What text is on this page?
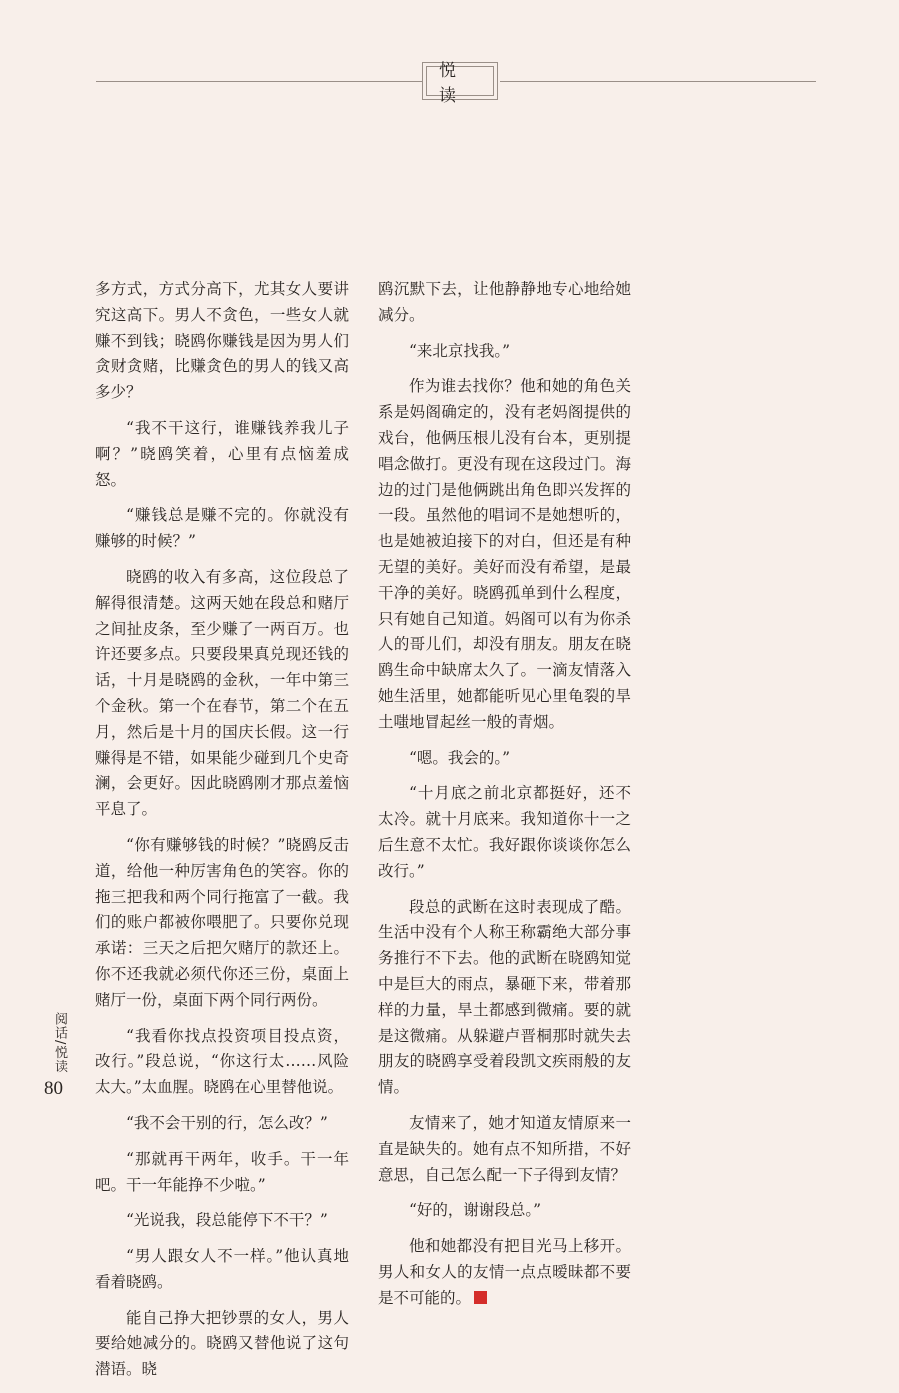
悦读

多方式，方式分高下，尤其女人要讲究这高下。男人不贪色，一些女人就赚不到钱；晓鸥你赚钱是因为男人们贪财贪赌，比赚贪色的男人的钱又高多少？

“我不干这行，谁赚钱养我儿子啊？”晓鸥笑着，心里有点恼羞成怒。

“赚钱总是赚不完的。你就没有赚够的时候？”

晓鸥的收入有多高，这位段总了解得很清楚。这两天她在段总和赌厅之间扯皮条，至少赚了一两百万。也许还要多点。只要段果真兑现还钱的话，十月是晓鸥的金秋，一年中第三个金秋。第一个在春节，第二个在五月，然后是十月的国庆长假。这一行赚得是不错，如果能少碰到几个史奇澜，会更好。因此晓鸥刚才那点羞恼平息了。

“你有赚够钱的时候？”晓鸥反击道，给他一种厉害角色的笑容。你的拖三把我和两个同行拖富了一截。我们的账户都被你喂肥了。只要你兑现承诺：三天之后把欠赌厅的款还上。你不还我就必须代你还三份，桌面上赌厅一份，桌面下两个同行两份。

“我看你找点投资项目投点资，改行。”段总说，“你这行太……风险太大。”太血腥。晓鸥在心里替他说。

“我不会干别的行，怎么改？”

“那就再干两年，收手。干一年吧。干一年能挣不少啦。”

“光说我，段总能停下不干？”

“男人跟女人不一样。”他认真地看着晓鸥。

能自己挣大把钞票的女人，男人要给她减分的。晓鸥又替他说了这句潜语。晓

鸥沉默下去，让他静静地专心地给她减分。

“来北京找我。”

作为谁去找你？他和她的角色关系是妈阁确定的，没有老妈阁提供的戏台，他俩压根儿没有台本，更别提唱念做打。更没有现在这段过门。海边的过门是他俩跳出角色即兴发挥的一段。虽然他的唱词不是她想听的，也是她被迫接下的对白，但还是有种无望的美好。美好而没有希望，是最干净的美好。晓鸥孤单到什么程度，只有她自己知道。妈阁可以有为你杀人的哥儿们，却没有朋友。朋友在晓鸥生命中缺席太久了。一滴友情落入她生活里，她都能听见心里龟裂的旱土嗤地冒起丝一般的青烟。

“嗯。我会的。”

“十月底之前北京都挺好，还不太冷。就十月底来。我知道你十一之后生意不太忙。我好跟你谈谈你怎么改行。”

段总的武断在这时表现成了酷。生活中没有个人称王称霸绝大部分事务推行不下去。他的武断在晓鸥知觉中是巨大的雨点，暴砸下来，带着那样的力量，旱土都感到微痛。要的就是这微痛。从躲避卢晋桐那时就失去朋友的晓鸥享受着段凯文疾雨般的友情。

友情来了，她才知道友情原来一直是缺失的。她有点不知所措，不好意思，自己怎么配一下子得到友情？

“好的，谢谢段总。”

他和她都没有把目光马上移开。男人和女人的友情一点点暧昧都不要是不可能的。

阅话/悦读
80
